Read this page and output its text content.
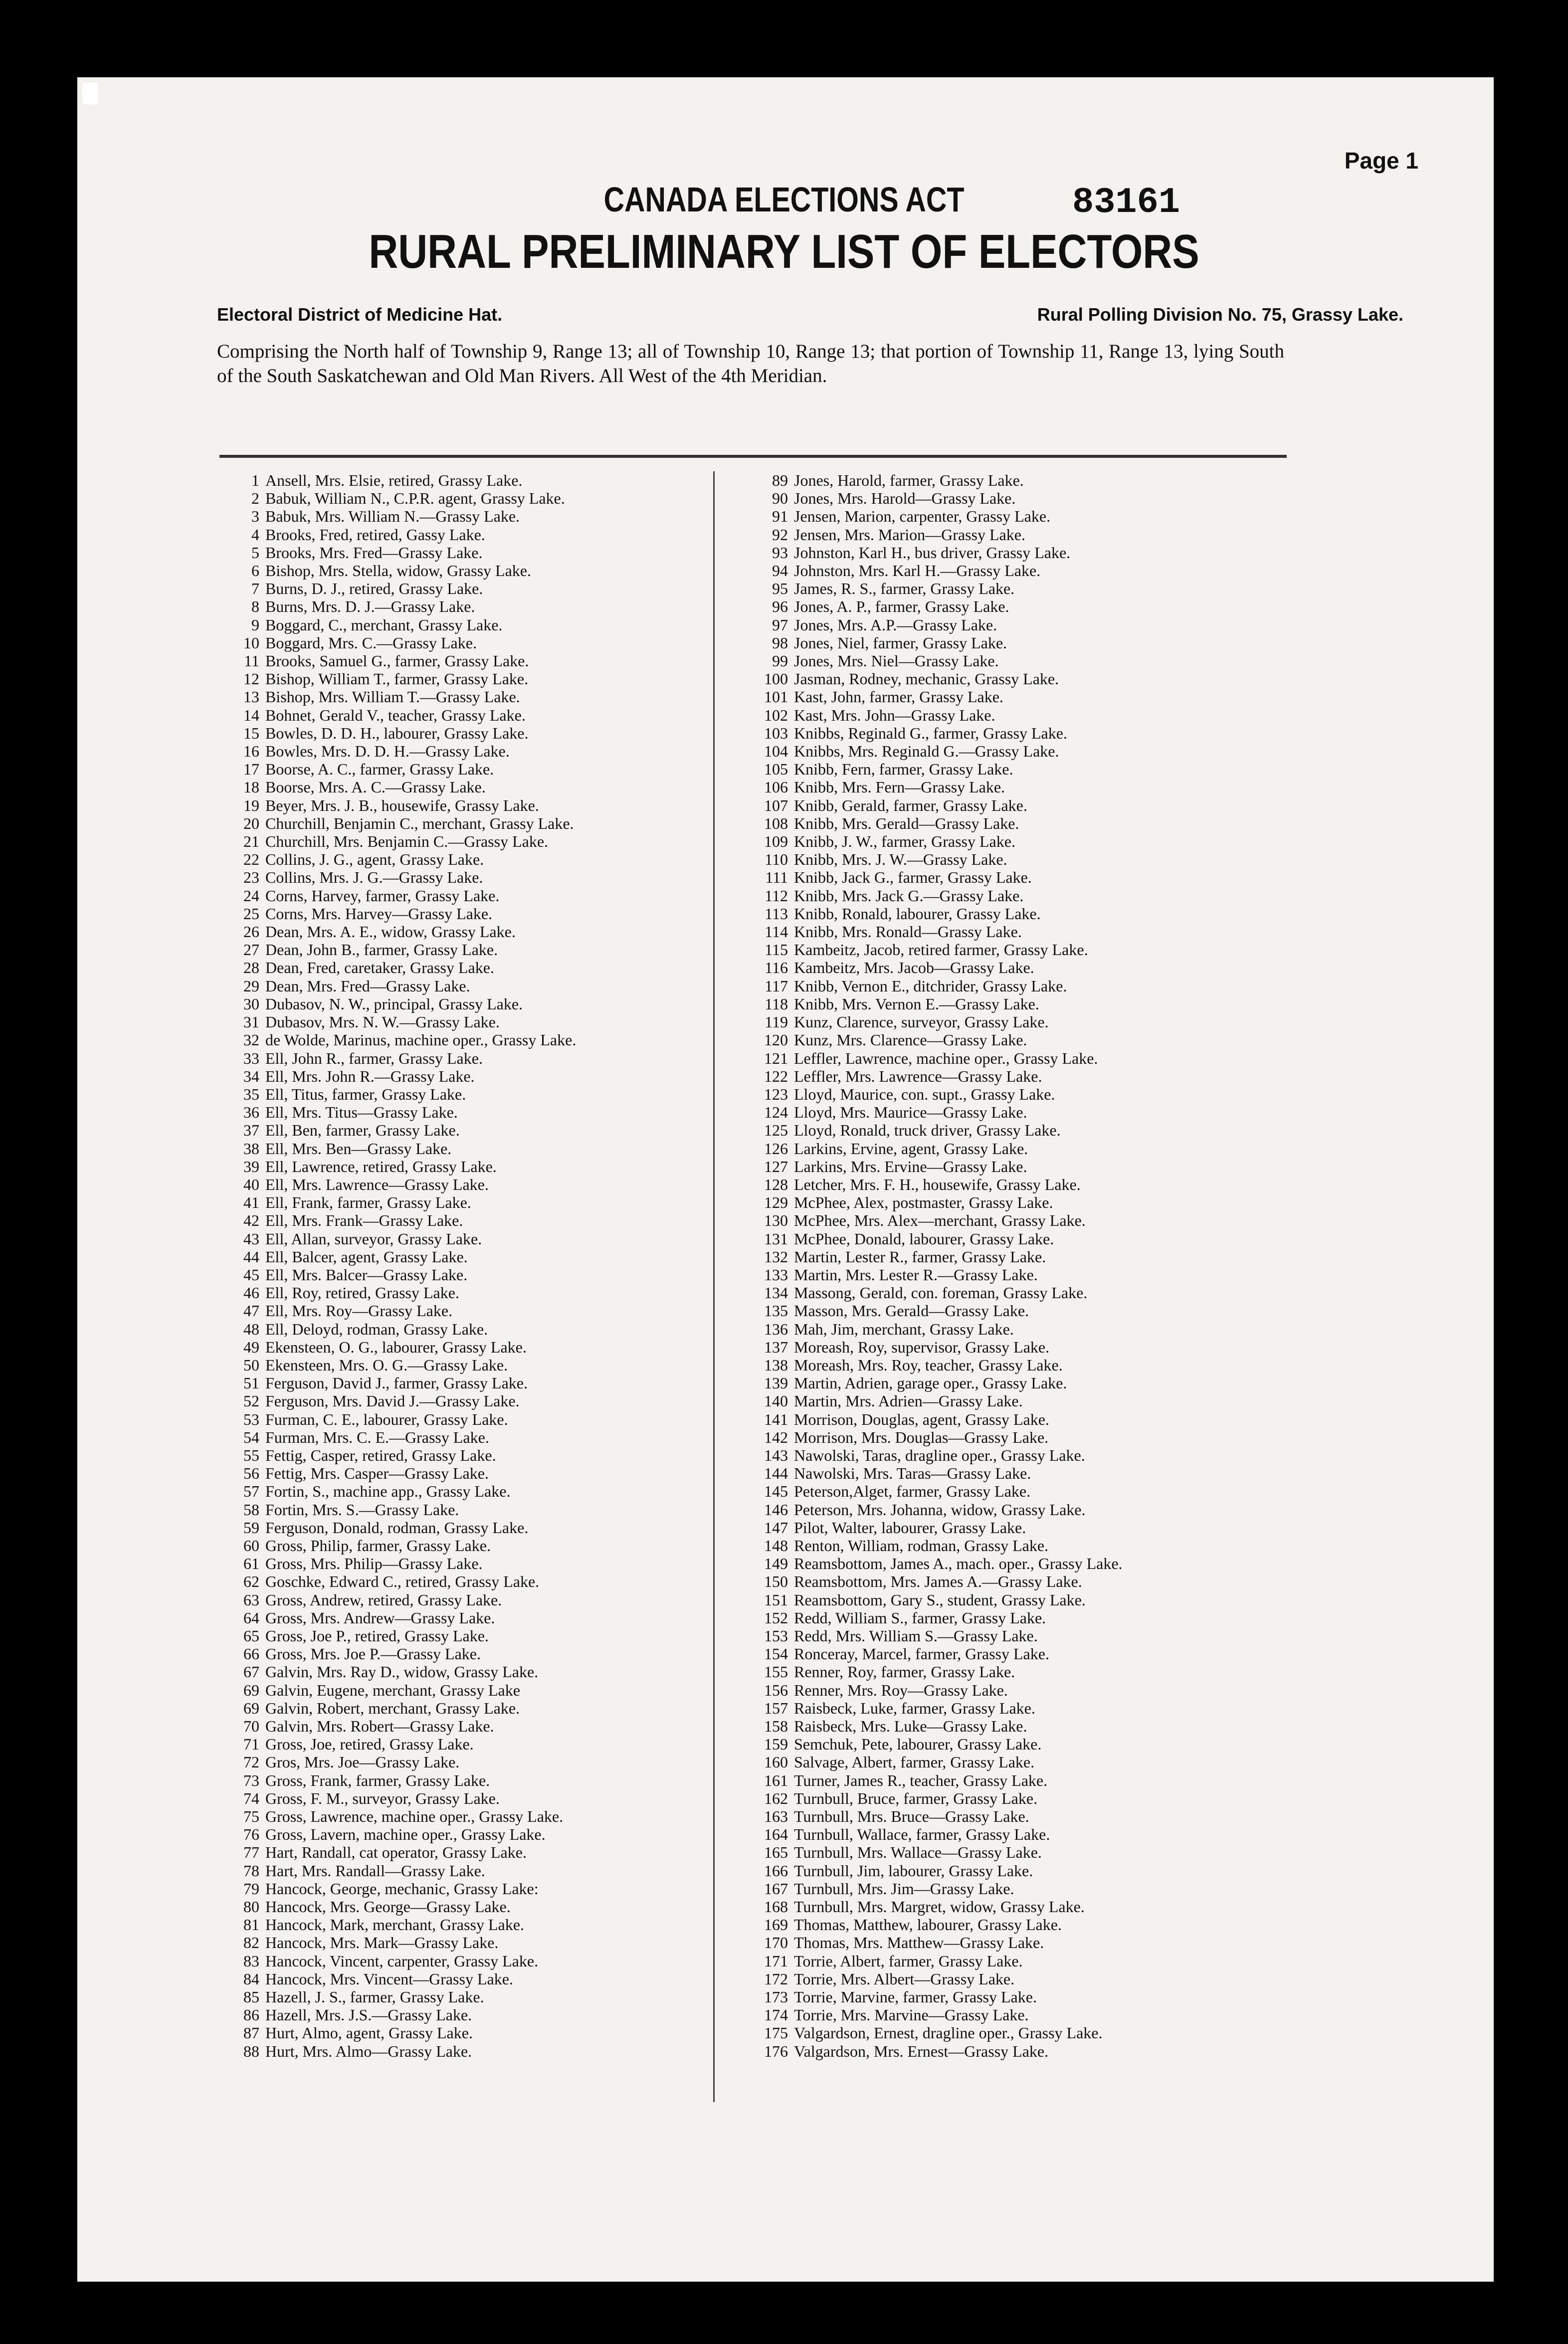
Page 1
CANADA ELECTIONS ACT	83161
RURAL PRELIMINARY LIST OF ELECTORS
Electoral District of Medicine Hat.	Rural Polling Division No. 75, Grassy Lake.
Comprising the North half of Township 9, Range 13; all of Township 10, Range 13; that portion of Township 11, Range 13, lying South of the South Saskatchewan and Old Man Rivers. All West of the 4th Meridian.
1 Ansell, Mrs. Elsie, retired, Grassy Lake.
2 Babuk, William N., C.P.R. agent, Grassy Lake.
3 Babuk, Mrs. William N.—Grassy Lake.
4 Brooks, Fred, retired, Gassy Lake.
5 Brooks, Mrs. Fred—Grassy Lake.
6 Bishop, Mrs. Stella, widow, Grassy Lake.
7 Burns, D. J., retired, Grassy Lake.
8 Burns, Mrs. D. J.—Grassy Lake.
9 Boggard, C., merchant, Grassy Lake.
10 Boggard, Mrs. C.—Grassy Lake.
11 Brooks, Samuel G., farmer, Grassy Lake.
12 Bishop, William T., farmer, Grassy Lake.
13 Bishop, Mrs. William T.—Grassy Lake.
14 Bohnet, Gerald V., teacher, Grassy Lake.
15 Bowles, D. D. H., labourer, Grassy Lake.
16 Bowles, Mrs. D. D. H.—Grassy Lake.
17 Boorse, A. C., farmer, Grassy Lake.
18 Boorse, Mrs. A. C.—Grassy Lake.
19 Beyer, Mrs. J. B., housewife, Grassy Lake.
20 Churchill, Benjamin C., merchant, Grassy Lake.
21 Churchill, Mrs. Benjamin C.—Grassy Lake.
22 Collins, J. G., agent, Grassy Lake.
23 Collins, Mrs. J. G.—Grassy Lake.
24 Corns, Harvey, farmer, Grassy Lake.
25 Corns, Mrs. Harvey—Grassy Lake.
26 Dean, Mrs. A. E., widow, Grassy Lake.
27 Dean, John B., farmer, Grassy Lake.
28 Dean, Fred, caretaker, Grassy Lake.
29 Dean, Mrs. Fred—Grassy Lake.
30 Dubasov, N. W., principal, Grassy Lake.
31 Dubasov, Mrs. N. W.—Grassy Lake.
32 de Wolde, Marinus, machine oper., Grassy Lake.
33 Ell, John R., farmer, Grassy Lake.
34 Ell, Mrs. John R.—Grassy Lake.
35 Ell, Titus, farmer, Grassy Lake.
36 Ell, Mrs. Titus—Grassy Lake.
37 Ell, Ben, farmer, Grassy Lake.
38 Ell, Mrs. Ben—Grassy Lake.
39 Ell, Lawrence, retired, Grassy Lake.
40 Ell, Mrs. Lawrence—Grassy Lake.
41 Ell, Frank, farmer, Grassy Lake.
42 Ell, Mrs. Frank—Grassy Lake.
43 Ell, Allan, surveyor, Grassy Lake.
44 Ell, Balcer, agent, Grassy Lake.
45 Ell, Mrs. Balcer—Grassy Lake.
46 Ell, Roy, retired, Grassy Lake.
47 Ell, Mrs. Roy—Grassy Lake.
48 Ell, Deloyd, rodman, Grassy Lake.
49 Ekensteen, O. G., labourer, Grassy Lake.
50 Ekensteen, Mrs. O. G.—Grassy Lake.
51 Ferguson, David J., farmer, Grassy Lake.
52 Ferguson, Mrs. David J.—Grassy Lake.
53 Furman, C. E., labourer, Grassy Lake.
54 Furman, Mrs. C. E.—Grassy Lake.
55 Fettig, Casper, retired, Grassy Lake.
56 Fettig, Mrs. Casper—Grassy Lake.
57 Fortin, S., machine app., Grassy Lake.
58 Fortin, Mrs. S.—Grassy Lake.
59 Ferguson, Donald, rodman, Grassy Lake.
60 Gross, Philip, farmer, Grassy Lake.
61 Gross, Mrs. Philip—Grassy Lake.
62 Goschke, Edward C., retired, Grassy Lake.
63 Gross, Andrew, retired, Grassy Lake.
64 Gross, Mrs. Andrew—Grassy Lake.
65 Gross, Joe P., retired, Grassy Lake.
66 Gross, Mrs. Joe P.—Grassy Lake.
67 Galvin, Mrs. Ray D., widow, Grassy Lake.
69 Galvin, Eugene, merchant, Grassy Lake
69 Galvin, Robert, merchant, Grassy Lake.
70 Galvin, Mrs. Robert—Grassy Lake.
71 Gross, Joe, retired, Grassy Lake.
72 Gros, Mrs. Joe—Grassy Lake.
73 Gross, Frank, farmer, Grassy Lake.
74 Gross, F. M., surveyor, Grassy Lake.
75 Gross, Lawrence, machine oper., Grassy Lake.
76 Gross, Lavern, machine oper., Grassy Lake.
77 Hart, Randall, cat operator, Grassy Lake.
78 Hart, Mrs. Randall—Grassy Lake.
79 Hancock, George, mechanic, Grassy Lake:
80 Hancock, Mrs. George—Grassy Lake.
81 Hancock, Mark, merchant, Grassy Lake.
82 Hancock, Mrs. Mark—Grassy Lake.
83 Hancock, Vincent, carpenter, Grassy Lake.
84 Hancock, Mrs. Vincent—Grassy Lake.
85 Hazell, J. S., farmer, Grassy Lake.
86 Hazell, Mrs. J.S.—Grassy Lake.
87 Hurt, Almo, agent, Grassy Lake.
88 Hurt, Mrs. Almo—Grassy Lake.
89 Jones, Harold, farmer, Grassy Lake.
90 Jones, Mrs. Harold—Grassy Lake.
91 Jensen, Marion, carpenter, Grassy Lake.
92 Jensen, Mrs. Marion—Grassy Lake.
93 Johnston, Karl H., bus driver, Grassy Lake.
94 Johnston, Mrs. Karl H.—Grassy Lake.
95 James, R. S., farmer, Grassy Lake.
96 Jones, A. P., farmer, Grassy Lake.
97 Jones, Mrs. A.P.—Grassy Lake.
98 Jones, Niel, farmer, Grassy Lake.
99 Jones, Mrs. Niel—Grassy Lake.
100 Jasman, Rodney, mechanic, Grassy Lake.
101 Kast, John, farmer, Grassy Lake.
102 Kast, Mrs. John—Grassy Lake.
103 Knibbs, Reginald G., farmer, Grassy Lake.
104 Knibbs, Mrs. Reginald G.—Grassy Lake.
105 Knibb, Fern, farmer, Grassy Lake.
106 Knibb, Mrs. Fern—Grassy Lake.
107 Knibb, Gerald, farmer, Grassy Lake.
108 Knibb, Mrs. Gerald—Grassy Lake.
109 Knibb, J. W., farmer, Grassy Lake.
110 Knibb, Mrs. J. W.—Grassy Lake.
111 Knibb, Jack G., farmer, Grassy Lake.
112 Knibb, Mrs. Jack G.—Grassy Lake.
113 Knibb, Ronald, labourer, Grassy Lake.
114 Knibb, Mrs. Ronald—Grassy Lake.
115 Kambeitz, Jacob, retired farmer, Grassy Lake.
116 Kambeitz, Mrs. Jacob—Grassy Lake.
117 Knibb, Vernon E., ditchrider, Grassy Lake.
118 Knibb, Mrs. Vernon E.—Grassy Lake.
119 Kunz, Clarence, surveyor, Grassy Lake.
120 Kunz, Mrs. Clarence—Grassy Lake.
121 Leffler, Lawrence, machine oper., Grassy Lake.
122 Leffler, Mrs. Lawrence—Grassy Lake.
123 Lloyd, Maurice, con. supt., Grassy Lake.
124 Lloyd, Mrs. Maurice—Grassy Lake.
125 Lloyd, Ronald, truck driver, Grassy Lake.
126 Larkins, Ervine, agent, Grassy Lake.
127 Larkins, Mrs. Ervine—Grassy Lake.
128 Letcher, Mrs. F. H., housewife, Grassy Lake.
129 McPhee, Alex, postmaster, Grassy Lake.
130 McPhee, Mrs. Alex—merchant, Grassy Lake.
131 McPhee, Donald, labourer, Grassy Lake.
132 Martin, Lester R., farmer, Grassy Lake.
133 Martin, Mrs. Lester R.—Grassy Lake.
134 Massong, Gerald, con. foreman, Grassy Lake.
135 Masson, Mrs. Gerald—Grassy Lake.
136 Mah, Jim, merchant, Grassy Lake.
137 Moreash, Roy, supervisor, Grassy Lake.
138 Moreash, Mrs. Roy, teacher, Grassy Lake.
139 Martin, Adrien, garage oper., Grassy Lake.
140 Martin, Mrs. Adrien—Grassy Lake.
141 Morrison, Douglas, agent, Grassy Lake.
142 Morrison, Mrs. Douglas—Grassy Lake.
143 Nawolski, Taras, dragline oper., Grassy Lake.
144 Nawolski, Mrs. Taras—Grassy Lake.
145 Peterson,Alget, farmer, Grassy Lake.
146 Peterson, Mrs. Johanna, widow, Grassy Lake.
147 Pilot, Walter, labourer, Grassy Lake.
148 Renton, William, rodman, Grassy Lake.
149 Reamsbottom, James A., mach. oper., Grassy Lake.
150 Reamsbottom, Mrs. James A.—Grassy Lake.
151 Reamsbottom, Gary S., student, Grassy Lake.
152 Redd, William S., farmer, Grassy Lake.
153 Redd, Mrs. William S.—Grassy Lake.
154 Ronceray, Marcel, farmer, Grassy Lake.
155 Renner, Roy, farmer, Grassy Lake.
156 Renner, Mrs. Roy—Grassy Lake.
157 Raisbeck, Luke, farmer, Grassy Lake.
158 Raisbeck, Mrs. Luke—Grassy Lake.
159 Semchuk, Pete, labourer, Grassy Lake.
160 Salvage, Albert, farmer, Grassy Lake.
161 Turner, James R., teacher, Grassy Lake.
162 Turnbull, Bruce, farmer, Grassy Lake.
163 Turnbull, Mrs. Bruce—Grassy Lake.
164 Turnbull, Wallace, farmer, Grassy Lake.
165 Turnbull, Mrs. Wallace—Grassy Lake.
166 Turnbull, Jim, labourer, Grassy Lake.
167 Turnbull, Mrs. Jim—Grassy Lake.
168 Turnbull, Mrs. Margret, widow, Grassy Lake.
169 Thomas, Matthew, labourer, Grassy Lake.
170 Thomas, Mrs. Matthew—Grassy Lake.
171 Torrie, Albert, farmer, Grassy Lake.
172 Torrie, Mrs. Albert—Grassy Lake.
173 Torrie, Marvine, farmer, Grassy Lake.
174 Torrie, Mrs. Marvine—Grassy Lake.
175 Valgardson, Ernest, dragline oper., Grassy Lake.
176 Valgardson, Mrs. Ernest—Grassy Lake.
